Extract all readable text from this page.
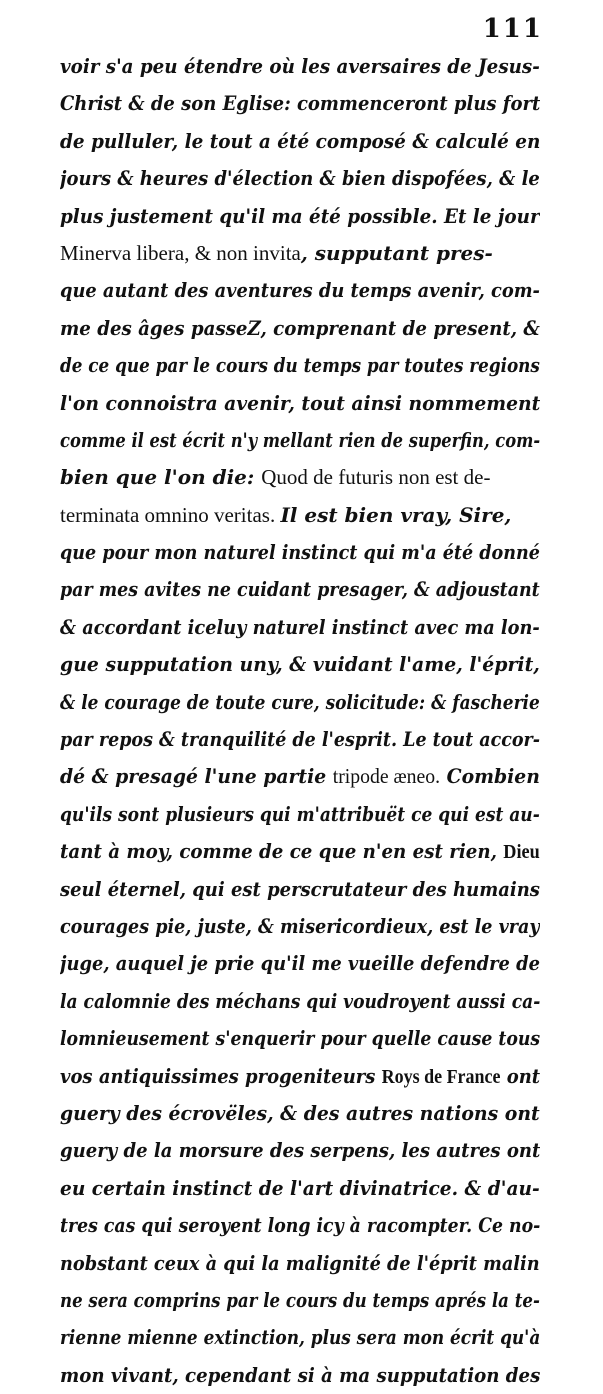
111
voir s'a peu étendre où les aversaires de Jesus-
Christ & de son Eglise: commenceront plus fort
de pulluler, le tout a été composé & calculé en
jours & heures d'élection & bien dispofées, & le
plus justement qu'il ma été possible. Et le jour
Minerva libera, & non invita, supputant pres-
que autant des aventures du temps avenir, com-
me des âges passeZ, comprenant de present, &
de ce que par le cours du temps par toutes regions
l'on connoistra avenir, tout ainsi nommement
comme il est écrit n'y mellant rien de superfin, com-
bien que l'on die: Quod de futuris non est de-
terminata omnino veritas. Il est bien vray, Sire,
que pour mon naturel instinct qui m'a été donné
par mes avites ne cuidant presager, & adjoustant
& accordant iceluy naturel instinct avec ma lon-
gue supputation uny, & vuidant l'ame, l'éprit,
& le courage de toute cure, solicitude: & fascherie
par repos & tranquilité de l'esprit. Le tout accor-
dé & presagé l'une partie tripode æneo. Combien
qu'ils sont plusieurs qui m'attribuët ce qui est au-
tant à moy, comme de ce que n'en est rien, Dieu
seul éternel, qui est perscrutateur des humains
courages pie, juste, & misericordieux, est le vray
juge, auquel je prie qu'il me vueille defendre de
la calomnie des méchans qui voudroyent aussi ca-
lomnieusement s'enquerir pour quelle cause tous
vos antiquissimes progeniteurs Roys de France ont
guery des écrovëles, & des autres nations ont
guery de la morsure des serpens, les autres ont
eu certain instinct de l'art divinatrice. & d'au-
tres cas qui seroyent long icy à racompter. Ce no-
nobstant ceux à qui la malignité de l'éprit malin
ne sera comprins par le cours du temps aprés la te-
rienne mienne extinction, plus sera mon écrit qu'à
mon vivant, cependant si à ma supputation des
